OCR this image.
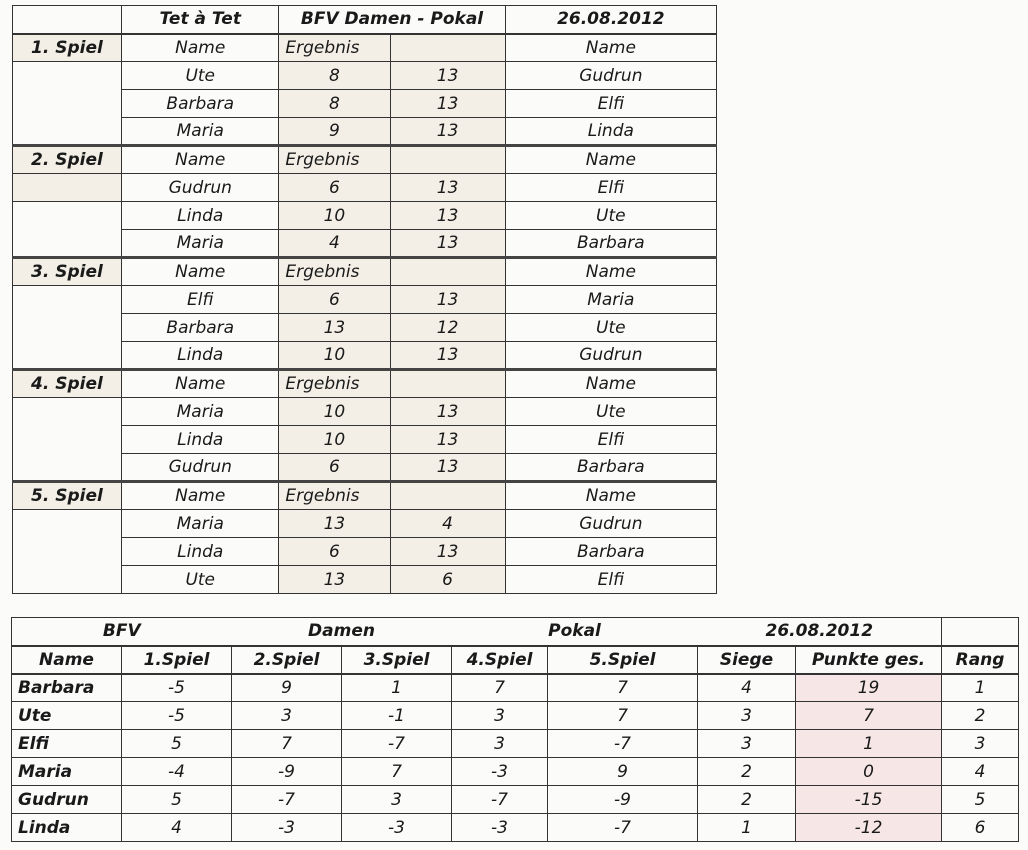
	Tet à Tet	BFV Damen - Pokal		26.08.2012
1. Spiel	Name	Ergebnis		Name
	Ute	8	13	Gudrun
	Barbara	8	13	Elfi
	Maria	9	13	Linda
2. Spiel	Name	Ergebnis		Name
	Gudrun	6	13	Elfi
	Linda	10	13	Ute
	Maria	4	13	Barbara
3. Spiel	Name	Ergebnis		Name
	Elfi	6	13	Maria
	Barbara	13	12	Ute
	Linda	10	13	Gudrun
4. Spiel	Name	Ergebnis		Name
	Maria	10	13	Ute
	Linda	10	13	Elfi
	Gudrun	6	13	Barbara
5. Spiel	Name	Ergebnis		Name
	Maria	13	4	Gudrun
	Linda	6	13	Barbara
	Ute	13	6	Elfi
BFV		Damen		Pokal		26.08.2012		
Name	1.Spiel	2.Spiel	3.Spiel	4.Spiel	5.Spiel	Siege	Punkte ges.	Rang
Barbara	-5	9	1	7	7	4	19	1
Ute	-5	3	-1	3	7	3	7	2
Elfi	5	7	-7	3	-7	3	1	3
Maria	-4	-9	7	-3	9	2	0	4
Gudrun	5	-7	3	-7	-9	2	-15	5
Linda	4	-3	-3	-3	-7	1	-12	6
